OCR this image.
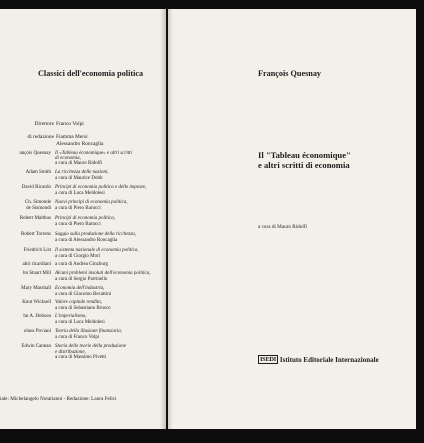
Classici dell'economia politica
Direttore Franco Volpi
di redazione Fiamma Mersi
Alessandro Roncaglia
ançois Quesnay Il «Tableau économique» e altri scritti
di economia,
a cura di Mauro Ridolfi
Adam Smith La ricchezza delle nazioni,
a cura di Maurice Dobb
David Ricardo Principi di economia politica e delle imposte,
a cura di Luca Meldolesi
Ch. Simonde
de Sismondi
Nuovi principi di economia politica,
a cura di Piero Barucci
Robert Malthus Principi di economia politica,
a cura di Piero Barucci
Robert Torrens Saggio sulla produzione della ricchezza,
a cura di Alessandro Roncaglia
Friedrich List Il sistema nazionale di economia politica,
a cura di Giorgio Mori
altri ricardiani a cura di Andrea Ginzburg
hn Stuart Mill Alcuni problemi insoluti dell'economia politica,
a cura di Sergio Parrinello
Mary Marshall Economia dell'industria,
a cura di Giacomo Becattini
Knut Wicksell Valore capitale rendita,
a cura di Sebastiano Brusco
hn A. Hobson L'imperialismo,
a cura di Luca Meldolesi
olaus Poviani Teoria della illusione finanziaria,
a cura di Franco Volpi
Edwin Cannan Storia delle teorie della produzione
e distribuzione,
a cura di Massimo Pivetti
iale: Michelangelo Notarianni - Redazione: Laura Felici
François Quesnay
Il "Tableau économique"
e altri scritti di economia
a cura di Mauro Ridolfi
ISEDI Istituto Editoriale Internazionale
